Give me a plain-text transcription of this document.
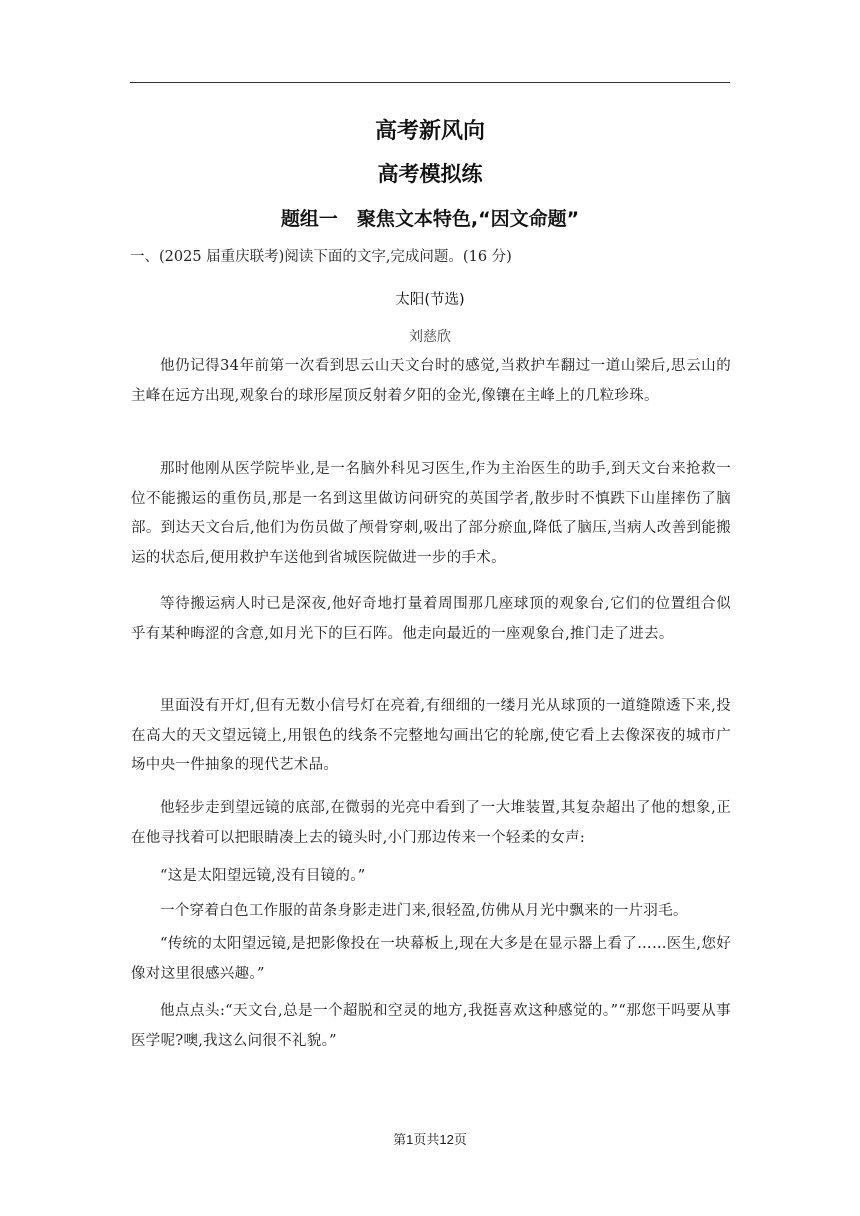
高考新风向
高考模拟练
题组一　聚焦文本特色,“因文命题”
一、(2025 届重庆联考)阅读下面的文字,完成问题。(16 分)
太阳(节选)
刘慈欣
他仍记得34年前第一次看到思云山天文台时的感觉,当救护车翻过一道山梁后,思云山的主峰在远方出现,观象台的球形屋顶反射着夕阳的金光,像镶在主峰上的几粒珍珠。
那时他刚从医学院毕业,是一名脑外科见习医生,作为主治医生的助手,到天文台来抢救一位不能搬运的重伤员,那是一名到这里做访问研究的英国学者,散步时不慎跌下山崖摔伤了脑部。到达天文台后,他们为伤员做了颅骨穿刺,吸出了部分瘀血,降低了脑压,当病人改善到能搬运的状态后,便用救护车送他到省城医院做进一步的手术。
等待搬运病人时已是深夜,他好奇地打量着周围那几座球顶的观象台,它们的位置组合似乎有某种晦涩的含意,如月光下的巨石阵。他走向最近的一座观象台,推门走了进去。
里面没有开灯,但有无数小信号灯在亮着,有细细的一缕月光从球顶的一道缝隙透下来,投在高大的天文望远镜上,用银色的线条不完整地勾画出它的轮廓,使它看上去像深夜的城市广场中央一件抽象的现代艺术品。
他轻步走到望远镜的底部,在微弱的光亮中看到了一大堆装置,其复杂超出了他的想象,正在他寻找着可以把眼睛凑上去的镜头时,小门那边传来一个轻柔的女声:
“这是太阳望远镜,没有目镜的。”
一个穿着白色工作服的苗条身影走进门来,很轻盈,仿佛从月光中飘来的一片羽毛。
“传统的太阳望远镜,是把影像投在一块幕板上,现在大多是在显示器上看了……医生,您好像对这里很感兴趣。”
他点点头:“天文台,总是一个超脱和空灵的地方,我挺喜欢这种感觉的。”“那您干吗要从事医学呢?噢,我这么问很不礼貌。”
第1页共12页
